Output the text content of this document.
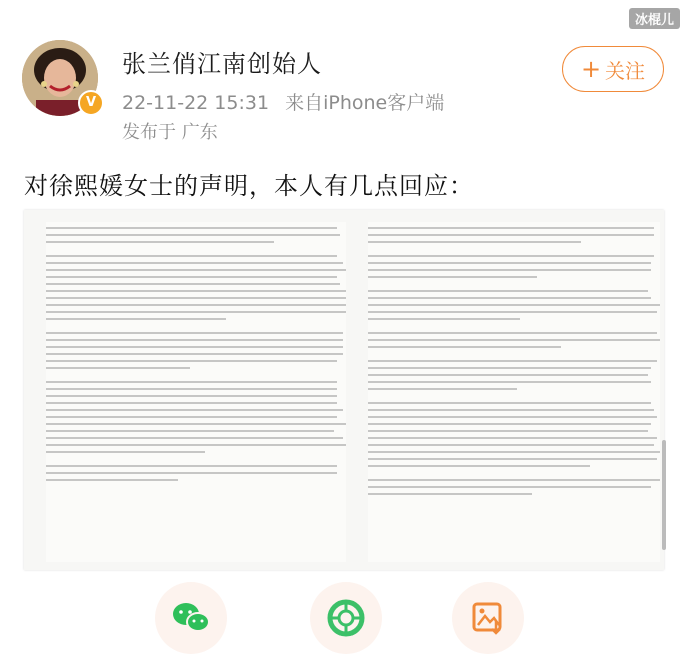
冰棍儿
V
张兰俏江南创始人
22-11-22 15:31 来自iPhone客户端
发布于 广东
+ 关注
对徐熙媛女士的声明，本人有几点回应：
